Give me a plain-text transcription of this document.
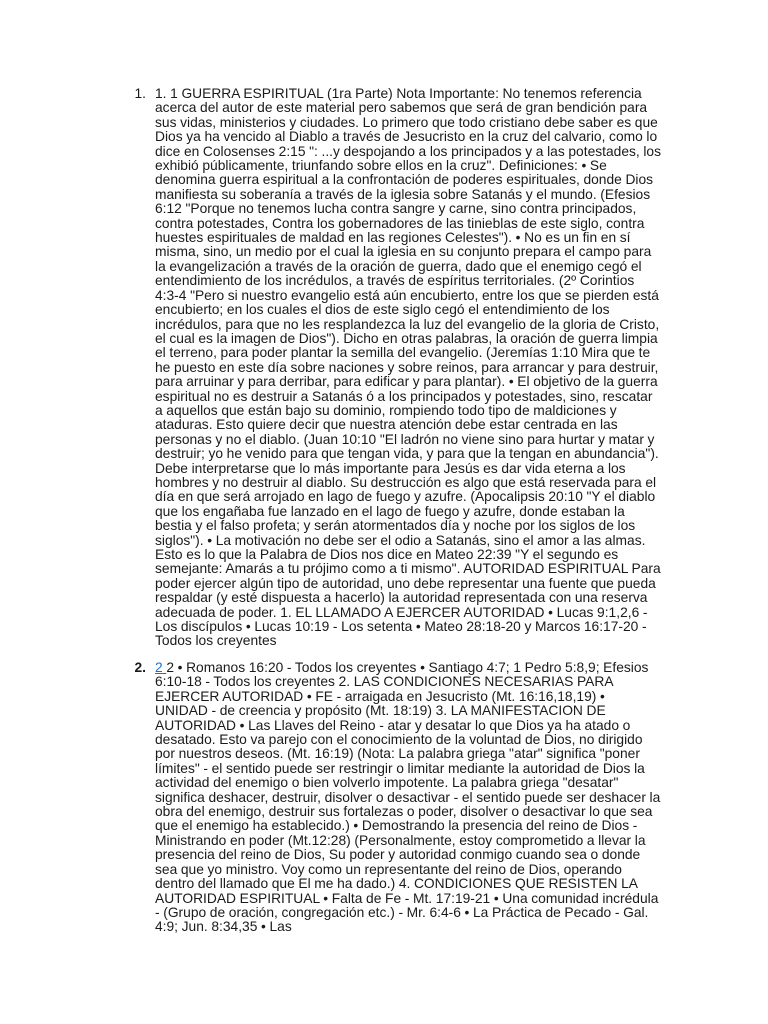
1. 1. 1 GUERRA ESPIRITUAL (1ra Parte) Nota Importante: No tenemos referencia acerca del autor de este material pero sabemos que será de gran bendición para sus vidas, ministerios y ciudades. Lo primero que todo cristiano debe saber es que Dios ya ha vencido al Diablo a través de Jesucristo en la cruz del calvario, como lo dice en Colosenses 2:15 ": ...y despojando a los principados y a las potestades, los exhibió públicamente, triunfando sobre ellos en la cruz". Definiciones: • Se denomina guerra espiritual a la confrontación de poderes espirituales, donde Dios manifiesta su soberanía a través de la iglesia sobre Satanás y el mundo. (Efesios 6:12 "Porque no tenemos lucha contra sangre y carne, sino contra principados, contra potestades, Contra los gobernadores de las tinieblas de este siglo, contra huestes espirituales de maldad en las regiones Celestes"). • No es un fin en sí misma, sino, un medio por el cual la iglesia en su conjunto prepara el campo para la evangelización a través de la oración de guerra, dado que el enemigo cegó el entendimiento de los incrédulos, a través de espíritus territoriales. (2º Corintios 4:3-4 "Pero si nuestro evangelio está aún encubierto, entre los que se pierden está encubierto; en los cuales el dios de este siglo cegó el entendimiento de los incrédulos, para que no les resplandezca la luz del evangelio de la gloria de Cristo, el cual es la imagen de Dios"). Dicho en otras palabras, la oración de guerra limpia el terreno, para poder plantar la semilla del evangelio. (Jeremías 1:10 Mira que te he puesto en este día sobre naciones y sobre reinos, para arrancar y para destruir, para arruinar y para derribar, para edificar y para plantar). • El objetivo de la guerra espiritual no es destruir a Satanás ó a los principados y potestades, sino, rescatar a aquellos que están bajo su dominio, rompiendo todo tipo de maldiciones y ataduras. Esto quiere decir que nuestra atención debe estar centrada en las personas y no el diablo. (Juan 10:10 "El ladrón no viene sino para hurtar y matar y destruir; yo he venido para que tengan vida, y para que la tengan en abundancia"). Debe interpretarse que lo más importante para Jesús es dar vida eterna a los hombres y no destruir al diablo. Su destrucción es algo que está reservada para el día en que será arrojado en lago de fuego y azufre. (Apocalipsis 20:10 "Y el diablo que los engañaba fue lanzado en el lago de fuego y azufre, donde estaban la bestia y el falso profeta; y serán atormentados día y noche por los siglos de los siglos"). • La motivación no debe ser el odio a Satanás, sino el amor a las almas. Esto es lo que la Palabra de Dios nos dice en Mateo 22:39 "Y el segundo es semejante: Amarás a tu prójimo como a ti mismo". AUTORIDAD ESPIRITUAL Para poder ejercer algún tipo de autoridad, uno debe representar una fuente que pueda respaldar (y esté dispuesta a hacerlo) la autoridad representada con una reserva adecuada de poder. 1. EL LLAMADO A EJERCER AUTORIDAD • Lucas 9:1,2,6 - Los discípulos • Lucas 10:19 - Los setenta • Mateo 28:18-20 y Marcos 16:17-20 - Todos los creyentes
2. 2 2 • Romanos 16:20 - Todos los creyentes • Santiago 4:7; 1 Pedro 5:8,9; Efesios 6:10-18 - Todos los creyentes 2. LAS CONDICIONES NECESARIAS PARA EJERCER AUTORIDAD • FE - arraigada en Jesucristo (Mt. 16:16,18,19) • UNIDAD - de creencia y propósito (Mt. 18:19) 3. LA MANIFESTACION DE AUTORIDAD • Las Llaves del Reino - atar y desatar lo que Dios ya ha atado o desatado. Esto va parejo con el conocimiento de la voluntad de Dios, no dirigido por nuestros deseos. (Mt. 16:19) (Nota: La palabra griega "atar" significa "poner límites" - el sentido puede ser restringir o limitar mediante la autoridad de Dios la actividad del enemigo o bien volverlo impotente. La palabra griega "desatar" significa deshacer, destruir, disolver o desactivar - el sentido puede ser deshacer la obra del enemigo, destruir sus fortalezas o poder, disolver o desactivar lo que sea que el enemigo ha establecido.) • Demostrando la presencia del reino de Dios - Ministrando en poder (Mt.12:28) (Personalmente, estoy comprometido a llevar la presencia del reino de Dios, Su poder y autoridad conmigo cuando sea o donde sea que yo ministro. Voy como un representante del reino de Dios, operando dentro del llamado que El me ha dado.) 4. CONDICIONES QUE RESISTEN LA AUTORIDAD ESPIRITUAL • Falta de Fe - Mt. 17:19-21 • Una comunidad incrédula - (Grupo de oración, congregación etc.) - Mr. 6:4-6 • La Práctica de Pecado - Gal. 4:9; Jun. 8:34,35 • Las
